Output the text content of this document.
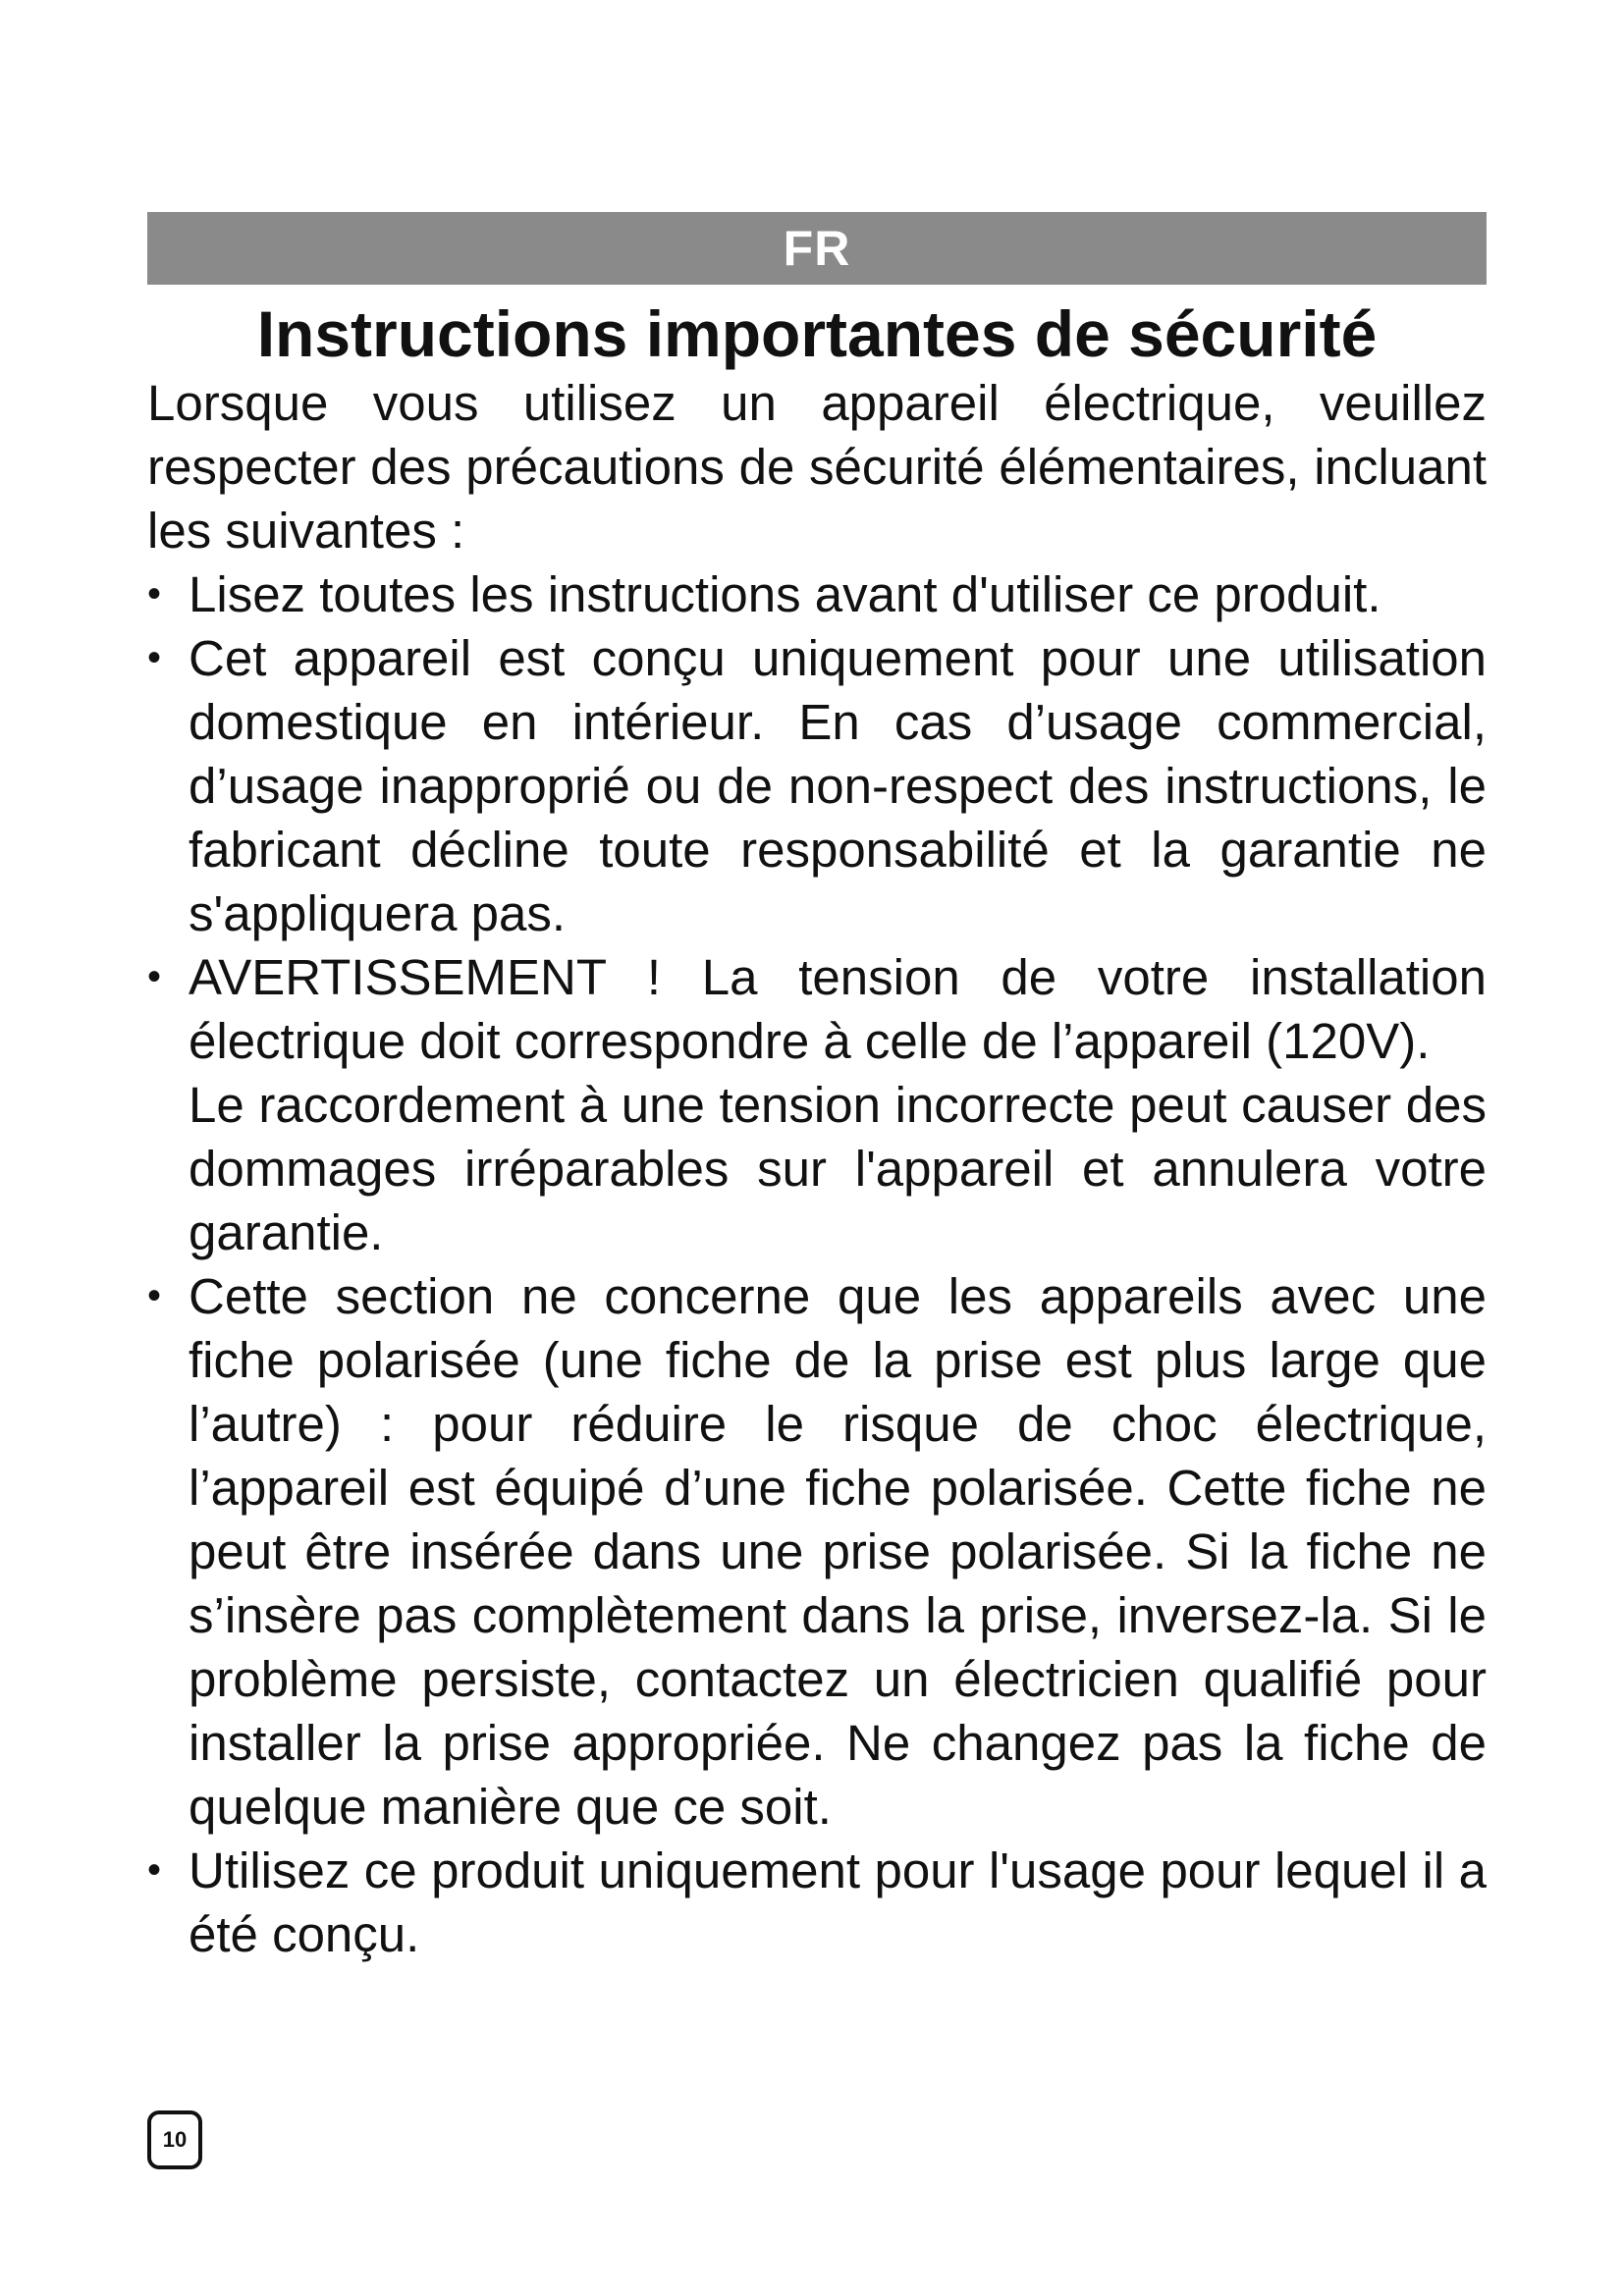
FR
Instructions importantes de sécurité

Lorsque vous utilisez un appareil électrique, veuillez respecter des précautions de sécurité élémentaires, incluant les suivantes :

• Lisez toutes les instructions avant d'utiliser ce produit.
• Cet appareil est conçu uniquement pour une utilisation domestique en intérieur. En cas d’usage commercial, d’usage inapproprié ou de non-respect des instructions, le fabricant décline toute responsabilité et la garantie ne s'appliquera pas.
• AVERTISSEMENT ! La tension de votre installation électrique doit correspondre à celle de l’appareil (120V).
Le raccordement à une tension incorrecte peut causer des dommages irréparables sur l'appareil et annulera votre garantie.
• Cette section ne concerne que les appareils avec une fiche polarisée (une fiche de la prise est plus large que l’autre) : pour réduire le risque de choc électrique, l’appareil est équipé d’une fiche polarisée. Cette fiche ne peut être insérée dans une prise polarisée. Si la fiche ne s’insère pas complètement dans la prise, inversez-la. Si le problème persiste, contactez un électricien qualifié pour installer la prise appropriée. Ne changez pas la fiche de quelque manière que ce soit.
• Utilisez ce produit uniquement pour l'usage pour lequel il a été conçu.
10
